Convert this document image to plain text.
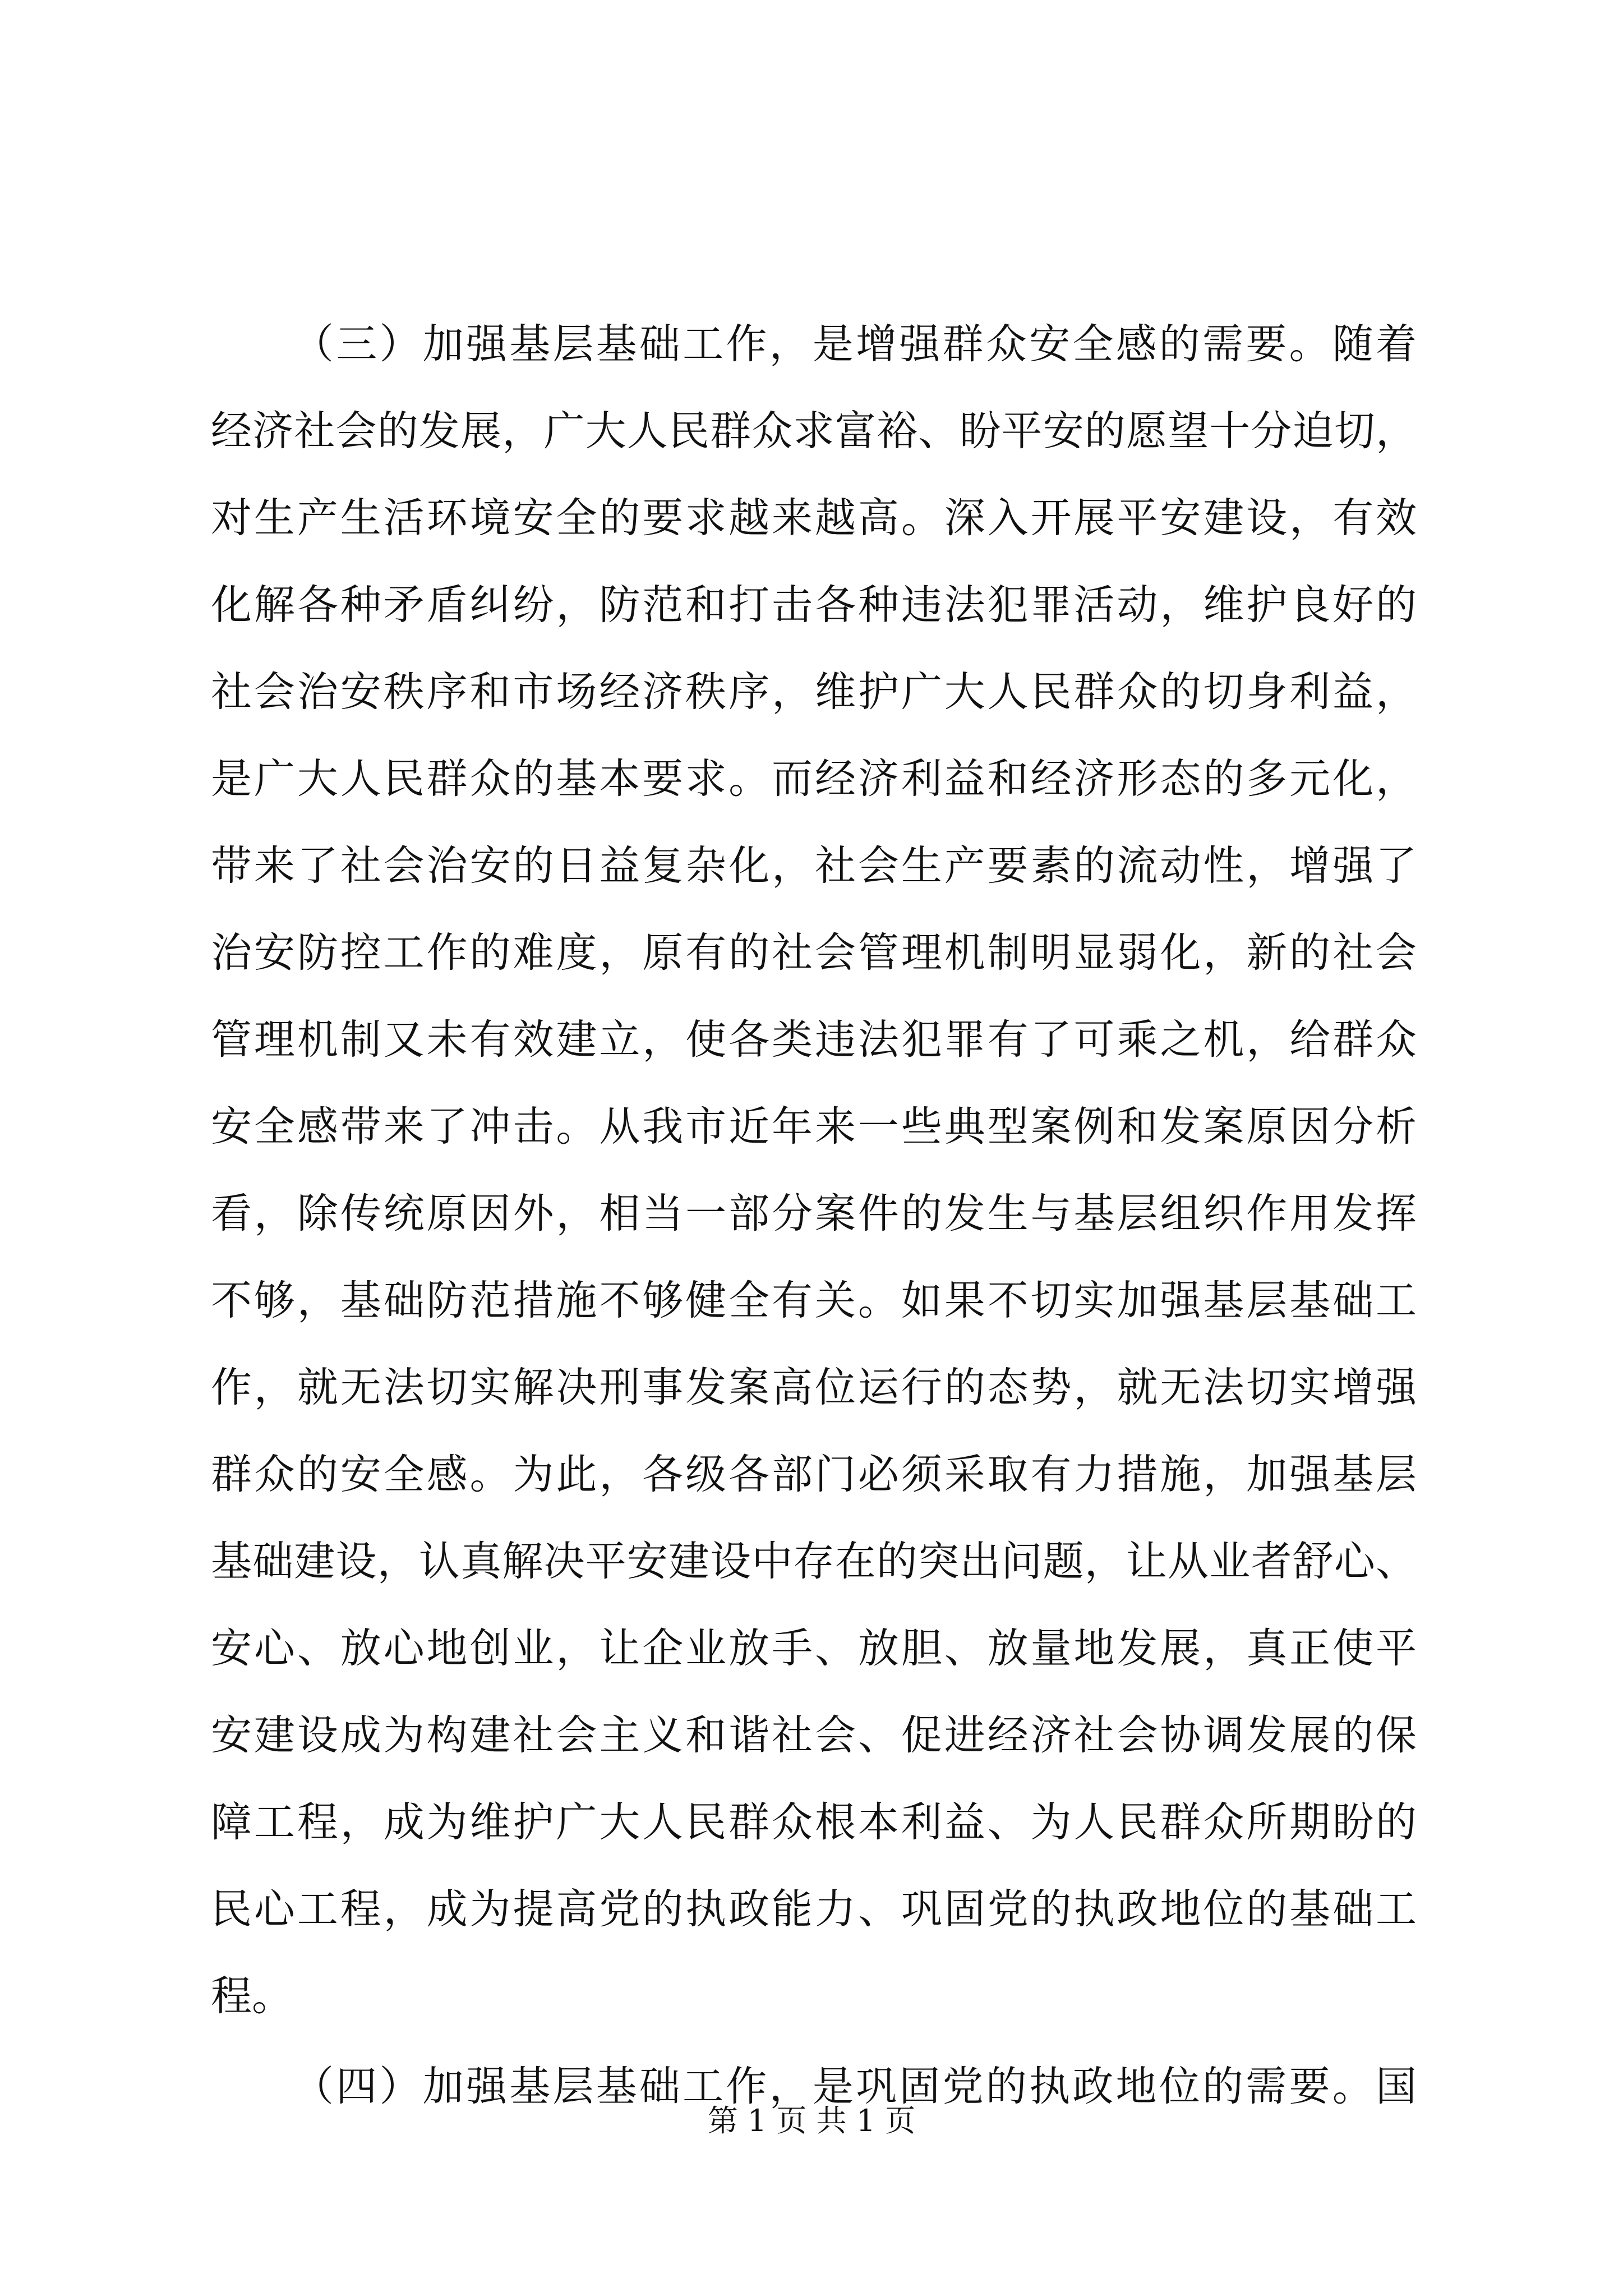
（三）加强基层基础工作，是增强群众安全感的需要。随着
经济社会的发展，广大人民群众求富裕、盼平安的愿望十分迫切，
对生产生活环境安全的要求越来越高。深入开展平安建设，有效
化解各种矛盾纠纷，防范和打击各种违法犯罪活动，维护良好的
社会治安秩序和市场经济秩序，维护广大人民群众的切身利益，
是广大人民群众的基本要求。而经济利益和经济形态的多元化，
带来了社会治安的日益复杂化，社会生产要素的流动性，增强了
治安防控工作的难度，原有的社会管理机制明显弱化，新的社会
管理机制又未有效建立，使各类违法犯罪有了可乘之机，给群众
安全感带来了冲击。从我市近年来一些典型案例和发案原因分析
看，除传统原因外，相当一部分案件的发生与基层组织作用发挥
不够，基础防范措施不够健全有关。如果不切实加强基层基础工
作，就无法切实解决刑事发案高位运行的态势，就无法切实增强
群众的安全感。为此，各级各部门必须采取有力措施，加强基层
基础建设，认真解决平安建设中存在的突出问题，让从业者舒心、
安心、放心地创业，让企业放手、放胆、放量地发展，真正使平
安建设成为构建社会主义和谐社会、促进经济社会协调发展的保
障工程，成为维护广大人民群众根本利益、为人民群众所期盼的
民心工程，成为提高党的执政能力、巩固党的执政地位的基础工
程。
（四）加强基层基础工作，是巩固党的执政地位的需要。国
第 1 页 共 1 页
